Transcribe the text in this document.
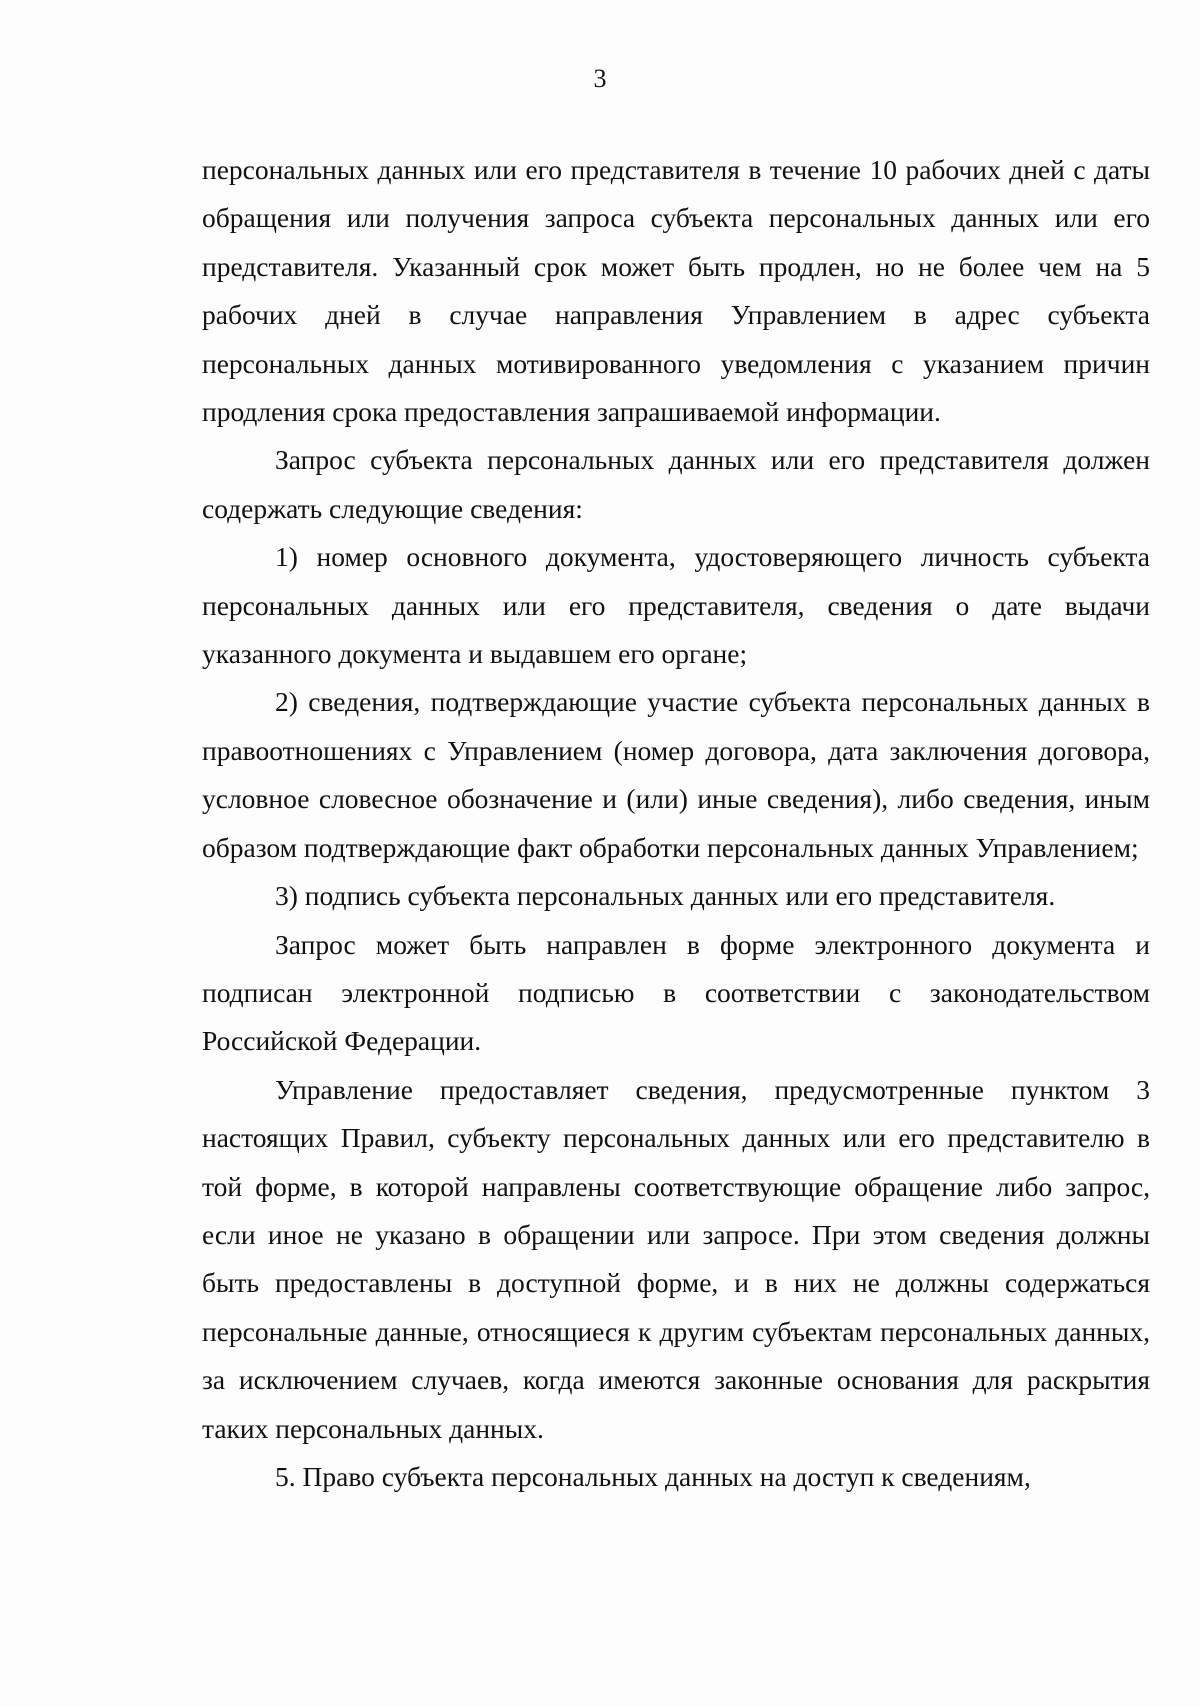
3

персональных данных или его представителя в течение 10 рабочих дней с даты обращения или получения запроса субъекта персональных данных или его представителя. Указанный срок может быть продлен, но не более чем на 5 рабочих дней в случае направления Управлением в адрес субъекта персональных данных мотивированного уведомления с указанием причин продления срока предоставления запрашиваемой информации.

Запрос субъекта персональных данных или его представителя должен содержать следующие сведения:

1) номер основного документа, удостоверяющего личность субъекта персональных данных или его представителя, сведения о дате выдачи указанного документа и выдавшем его органе;

2) сведения, подтверждающие участие субъекта персональных данных в правоотношениях с Управлением (номер договора, дата заключения договора, условное словесное обозначение и (или) иные сведения), либо сведения, иным образом подтверждающие факт обработки персональных данных Управлением;

3) подпись субъекта персональных данных или его представителя.

Запрос может быть направлен в форме электронного документа и подписан электронной подписью в соответствии с законодательством Российской Федерации.

Управление предоставляет сведения, предусмотренные пунктом 3 настоящих Правил, субъекту персональных данных или его представителю в той форме, в которой направлены соответствующие обращение либо запрос, если иное не указано в обращении или запросе. При этом сведения должны быть предоставлены в доступной форме, и в них не должны содержаться персональные данные, относящиеся к другим субъектам персональных данных, за исключением случаев, когда имеются законные основания для раскрытия таких персональных данных.

5. Право субъекта персональных данных на доступ к сведениям,
